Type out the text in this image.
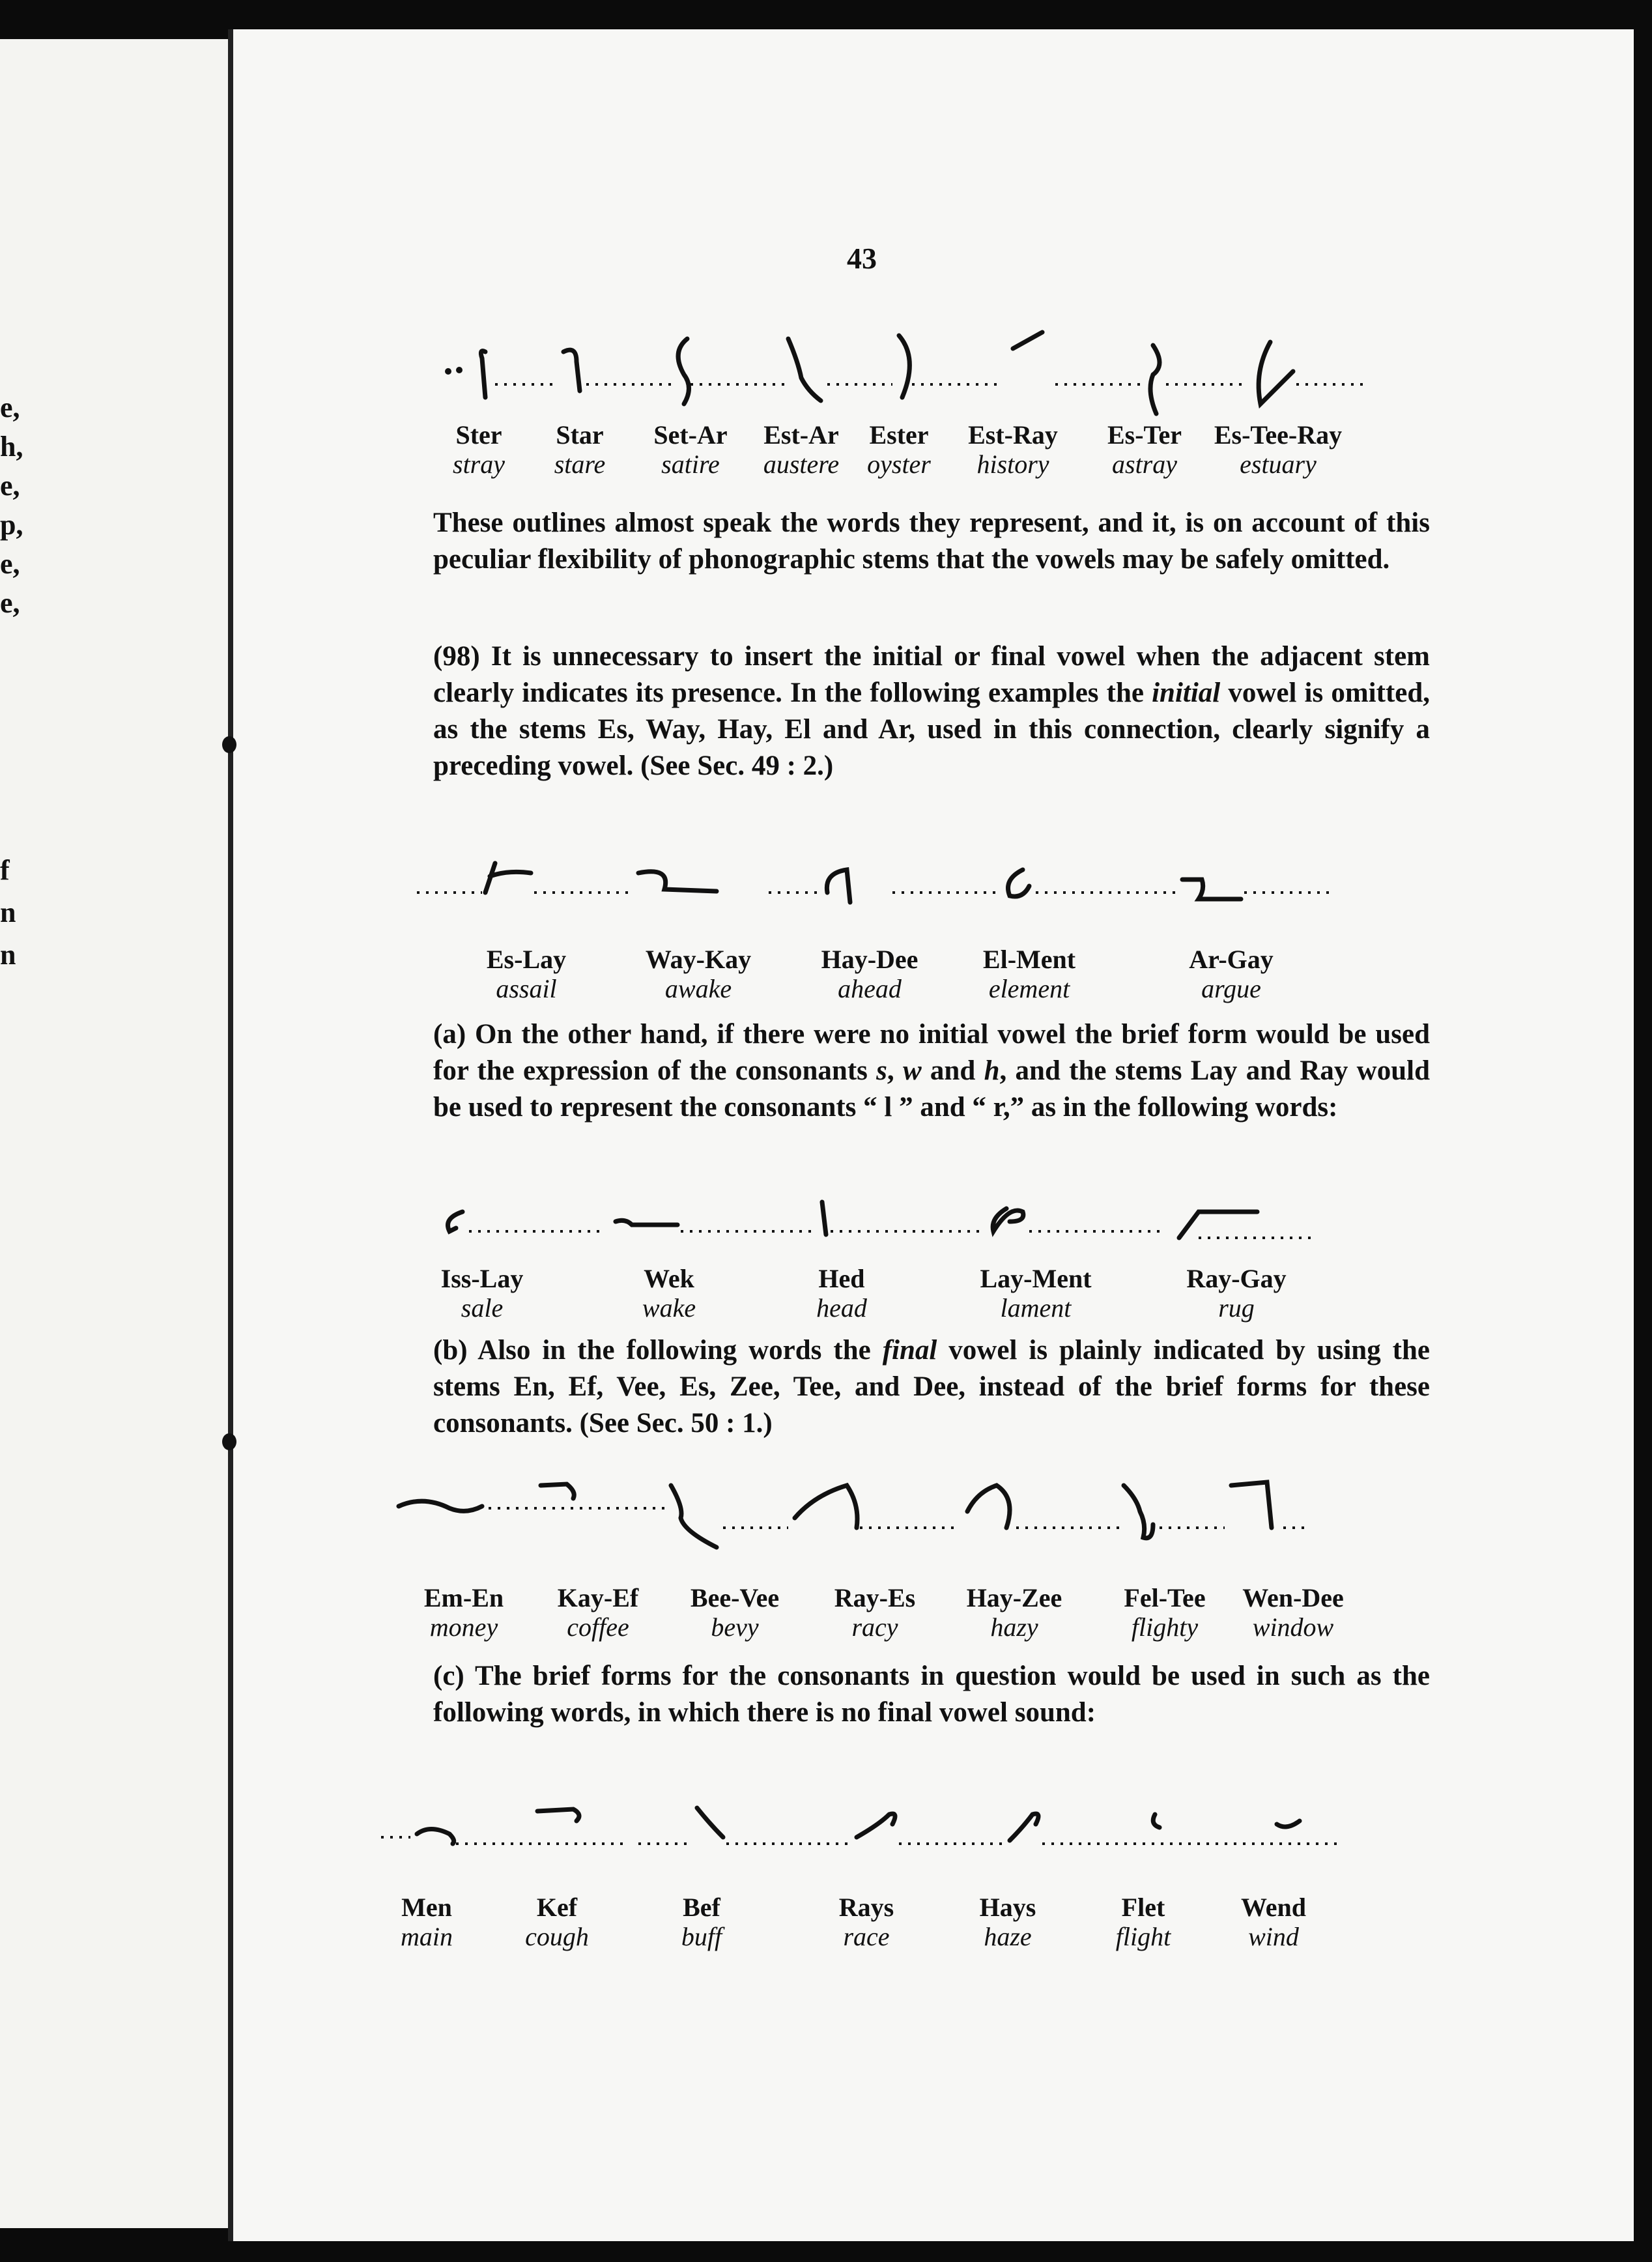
e,
h,
e,
p,
e,
e,
f
n
n
43
Ster
stray
Star
stare
Set-Ar
satire
Est-Ar
austere
Ester
oyster
Est-Ray
history
Es-Ter
astray
Es-Tee-Ray
estuary
These outlines almost speak the words they represent, and it, is on account of this peculiar flexibility of phonographic stems that the vowels may be safely omitted.
(98) It is unnecessary to insert the initial or final vowel when the adjacent stem clearly indicates its presence. In the following examples the initial vowel is omitted, as the stems Es, Way, Hay, El and Ar, used in this connection, clearly signify a preceding vowel. (See Sec. 49 : 2.)
Es-Lay
assail
Way-Kay
awake
Hay-Dee
ahead
El-Ment
element
Ar-Gay
argue
(a) On the other hand, if there were no initial vowel the brief form would be used for the expression of the consonants s, w and h, and the stems Lay and Ray would be used to represent the consonants “ l ” and “ r,” as in the following words:
Iss-Lay
sale
Wek
wake
Hed
head
Lay-Ment
lament
Ray-Gay
rug
(b) Also in the following words the final vowel is plainly indicated by using the stems En, Ef, Vee, Es, Zee, Tee, and Dee, instead of the brief forms for these consonants. (See Sec. 50 : 1.)
Em-En
money
Kay-Ef
coffee
Bee-Vee
bevy
Ray-Es
racy
Hay-Zee
hazy
Fel-Tee
flighty
Wen-Dee
window
(c) The brief forms for the consonants in question would be used in such as the following words, in which there is no final vowel sound:
Men
main
Kef
cough
Bef
buff
Rays
race
Hays
haze
Flet
flight
Wend
wind
